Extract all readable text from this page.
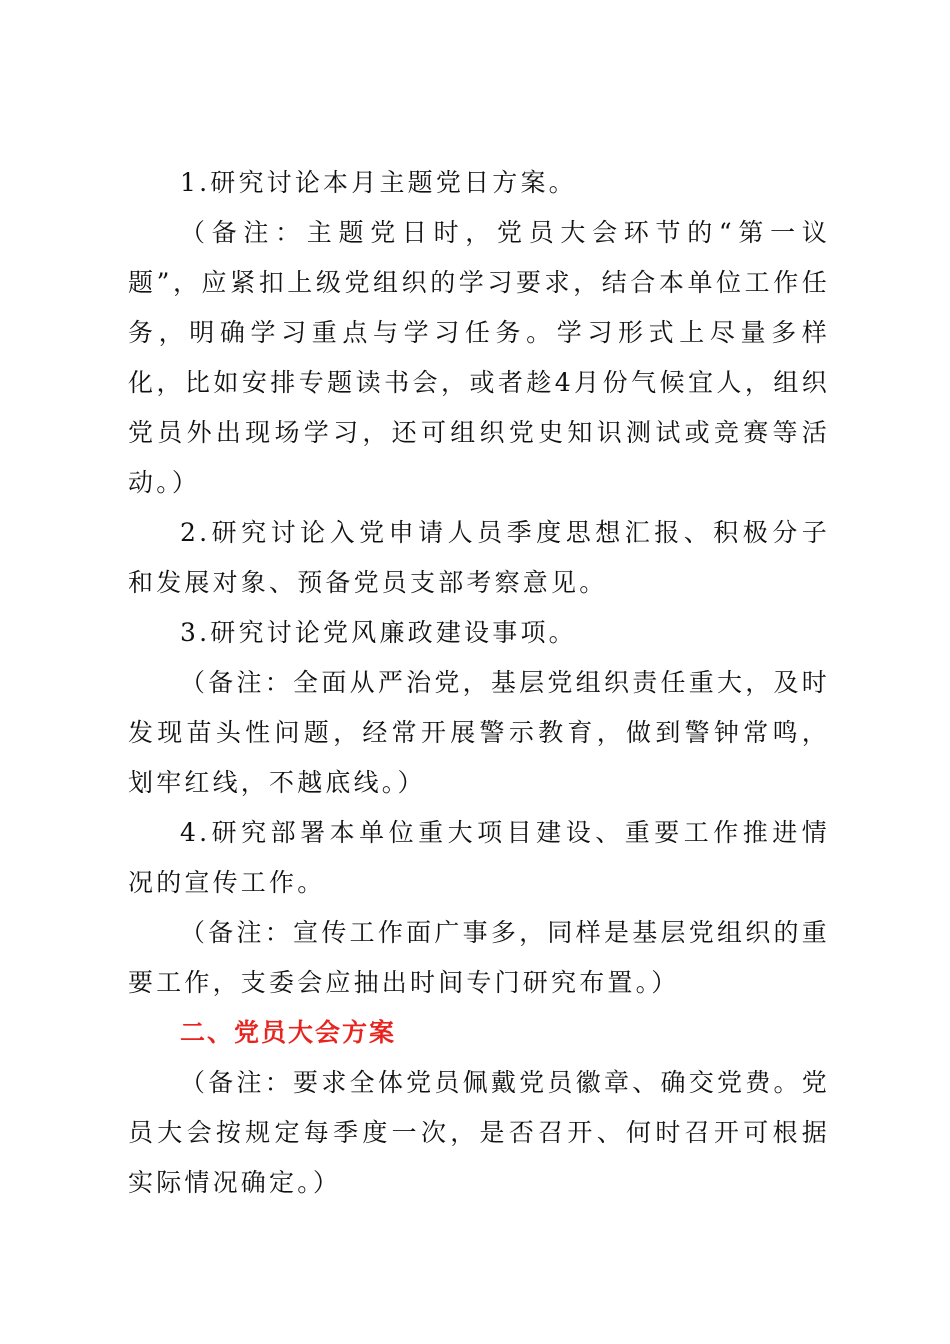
1.研究讨论本月主题党日方案。

（备注：主题党日时，党员大会环节的“第一议题”，应紧扣上级党组织的学习要求，结合本单位工作任务，明确学习重点与学习任务。学习形式上尽量多样化，比如安排专题读书会，或者趁4月份气候宜人，组织党员外出现场学习，还可组织党史知识测试或竞赛等活动。）

2.研究讨论入党申请人员季度思想汇报、积极分子和发展对象、预备党员支部考察意见。

3.研究讨论党风廉政建设事项。

（备注：全面从严治党，基层党组织责任重大，及时发现苗头性问题，经常开展警示教育，做到警钟常鸣，划牢红线，不越底线。）

4.研究部署本单位重大项目建设、重要工作推进情况的宣传工作。

（备注：宣传工作面广事多，同样是基层党组织的重要工作，支委会应抽出时间专门研究布置。）

二、党员大会方案

（备注：要求全体党员佩戴党员徽章、确交党费。党员大会按规定每季度一次，是否召开、何时召开可根据实际情况确定。）
